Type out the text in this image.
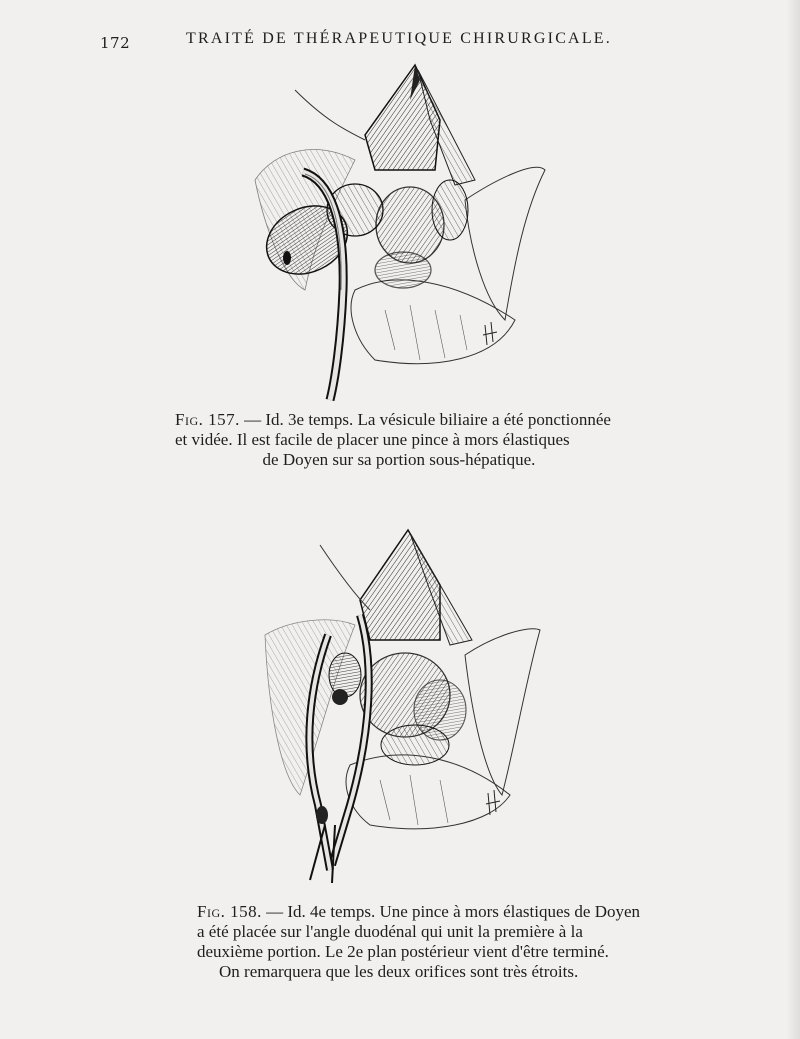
172	TRAITÉ DE THÉRAPEUTIQUE CHIRURGICALE.
Fig. 157. — Id. 3e temps. La vésicule biliaire a été ponctionnée
et vidée. Il est facile de placer une pince à mors élastiques
de Doyen sur sa portion sous-hépatique.
Fig. 158. — Id. 4e temps. Une pince à mors élastiques de Doyen
a été placée sur l'angle duodénal qui unit la première à la
deuxième portion. Le 2e plan postérieur vient d'être terminé.
On remarquera que les deux orifices sont très étroits.
